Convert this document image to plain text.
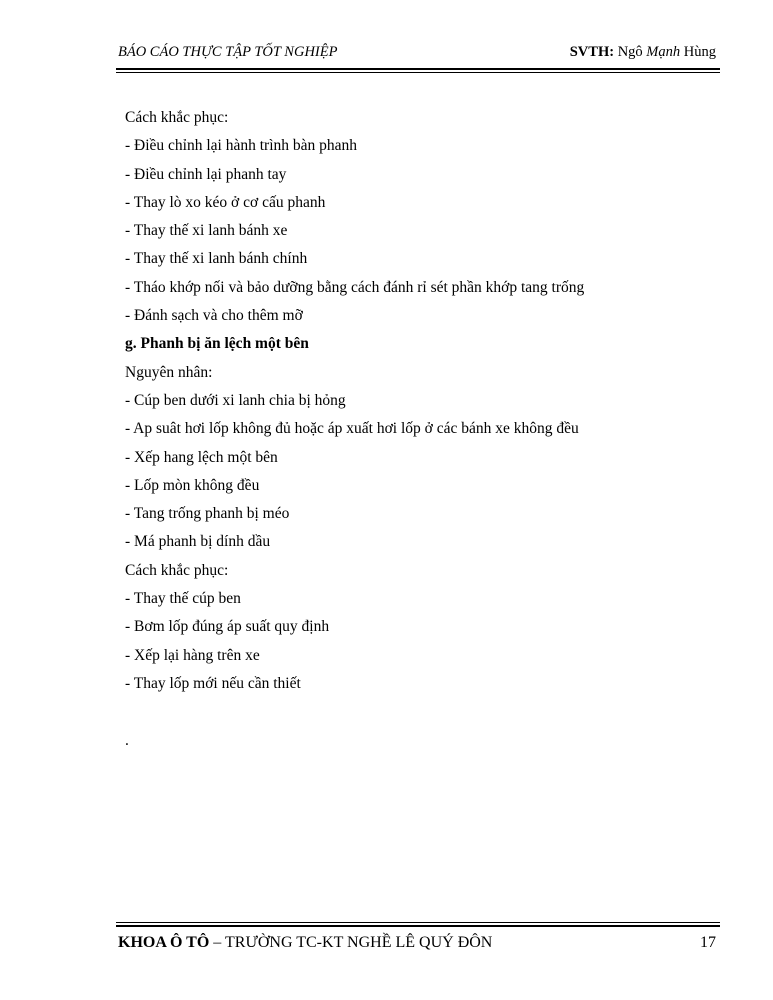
BÁO CÁO THỰC TẬP TỐT NGHIỆP	SVTH: Ngô Mạnh Hùng
Cách khắc phục:
- Điều chỉnh lại hành trình bàn phanh
- Điều chỉnh lại phanh tay
- Thay lò xo kéo ở cơ cấu phanh
- Thay thế xi lanh bánh xe
- Thay thế xi lanh bánh chính
- Tháo khớp nối và bảo dưỡng bằng cách đánh rỉ sét phần khớp tang trống
- Đánh sạch và cho thêm mỡ
g. Phanh bị ăn lệch một bên
Nguyên nhân:
- Cúp ben dưới xi lanh chia bị hỏng
- Ap suât hơi lốp không đủ hoặc áp xuất hơi lốp ở các bánh xe không đều
- Xếp hang lệch một bên
- Lốp mòn không đều
- Tang trống phanh bị méo
- Má phanh bị dính dầu
Cách khắc phục:
- Thay thế cúp ben
- Bơm lốp đúng áp suất quy định
- Xếp lại hàng trên xe
- Thay lốp mới nếu cần thiết
.
KHOA Ô TÔ – TRƯỜNG TC-KT NGHỀ LÊ QUÝ ĐÔN	17
